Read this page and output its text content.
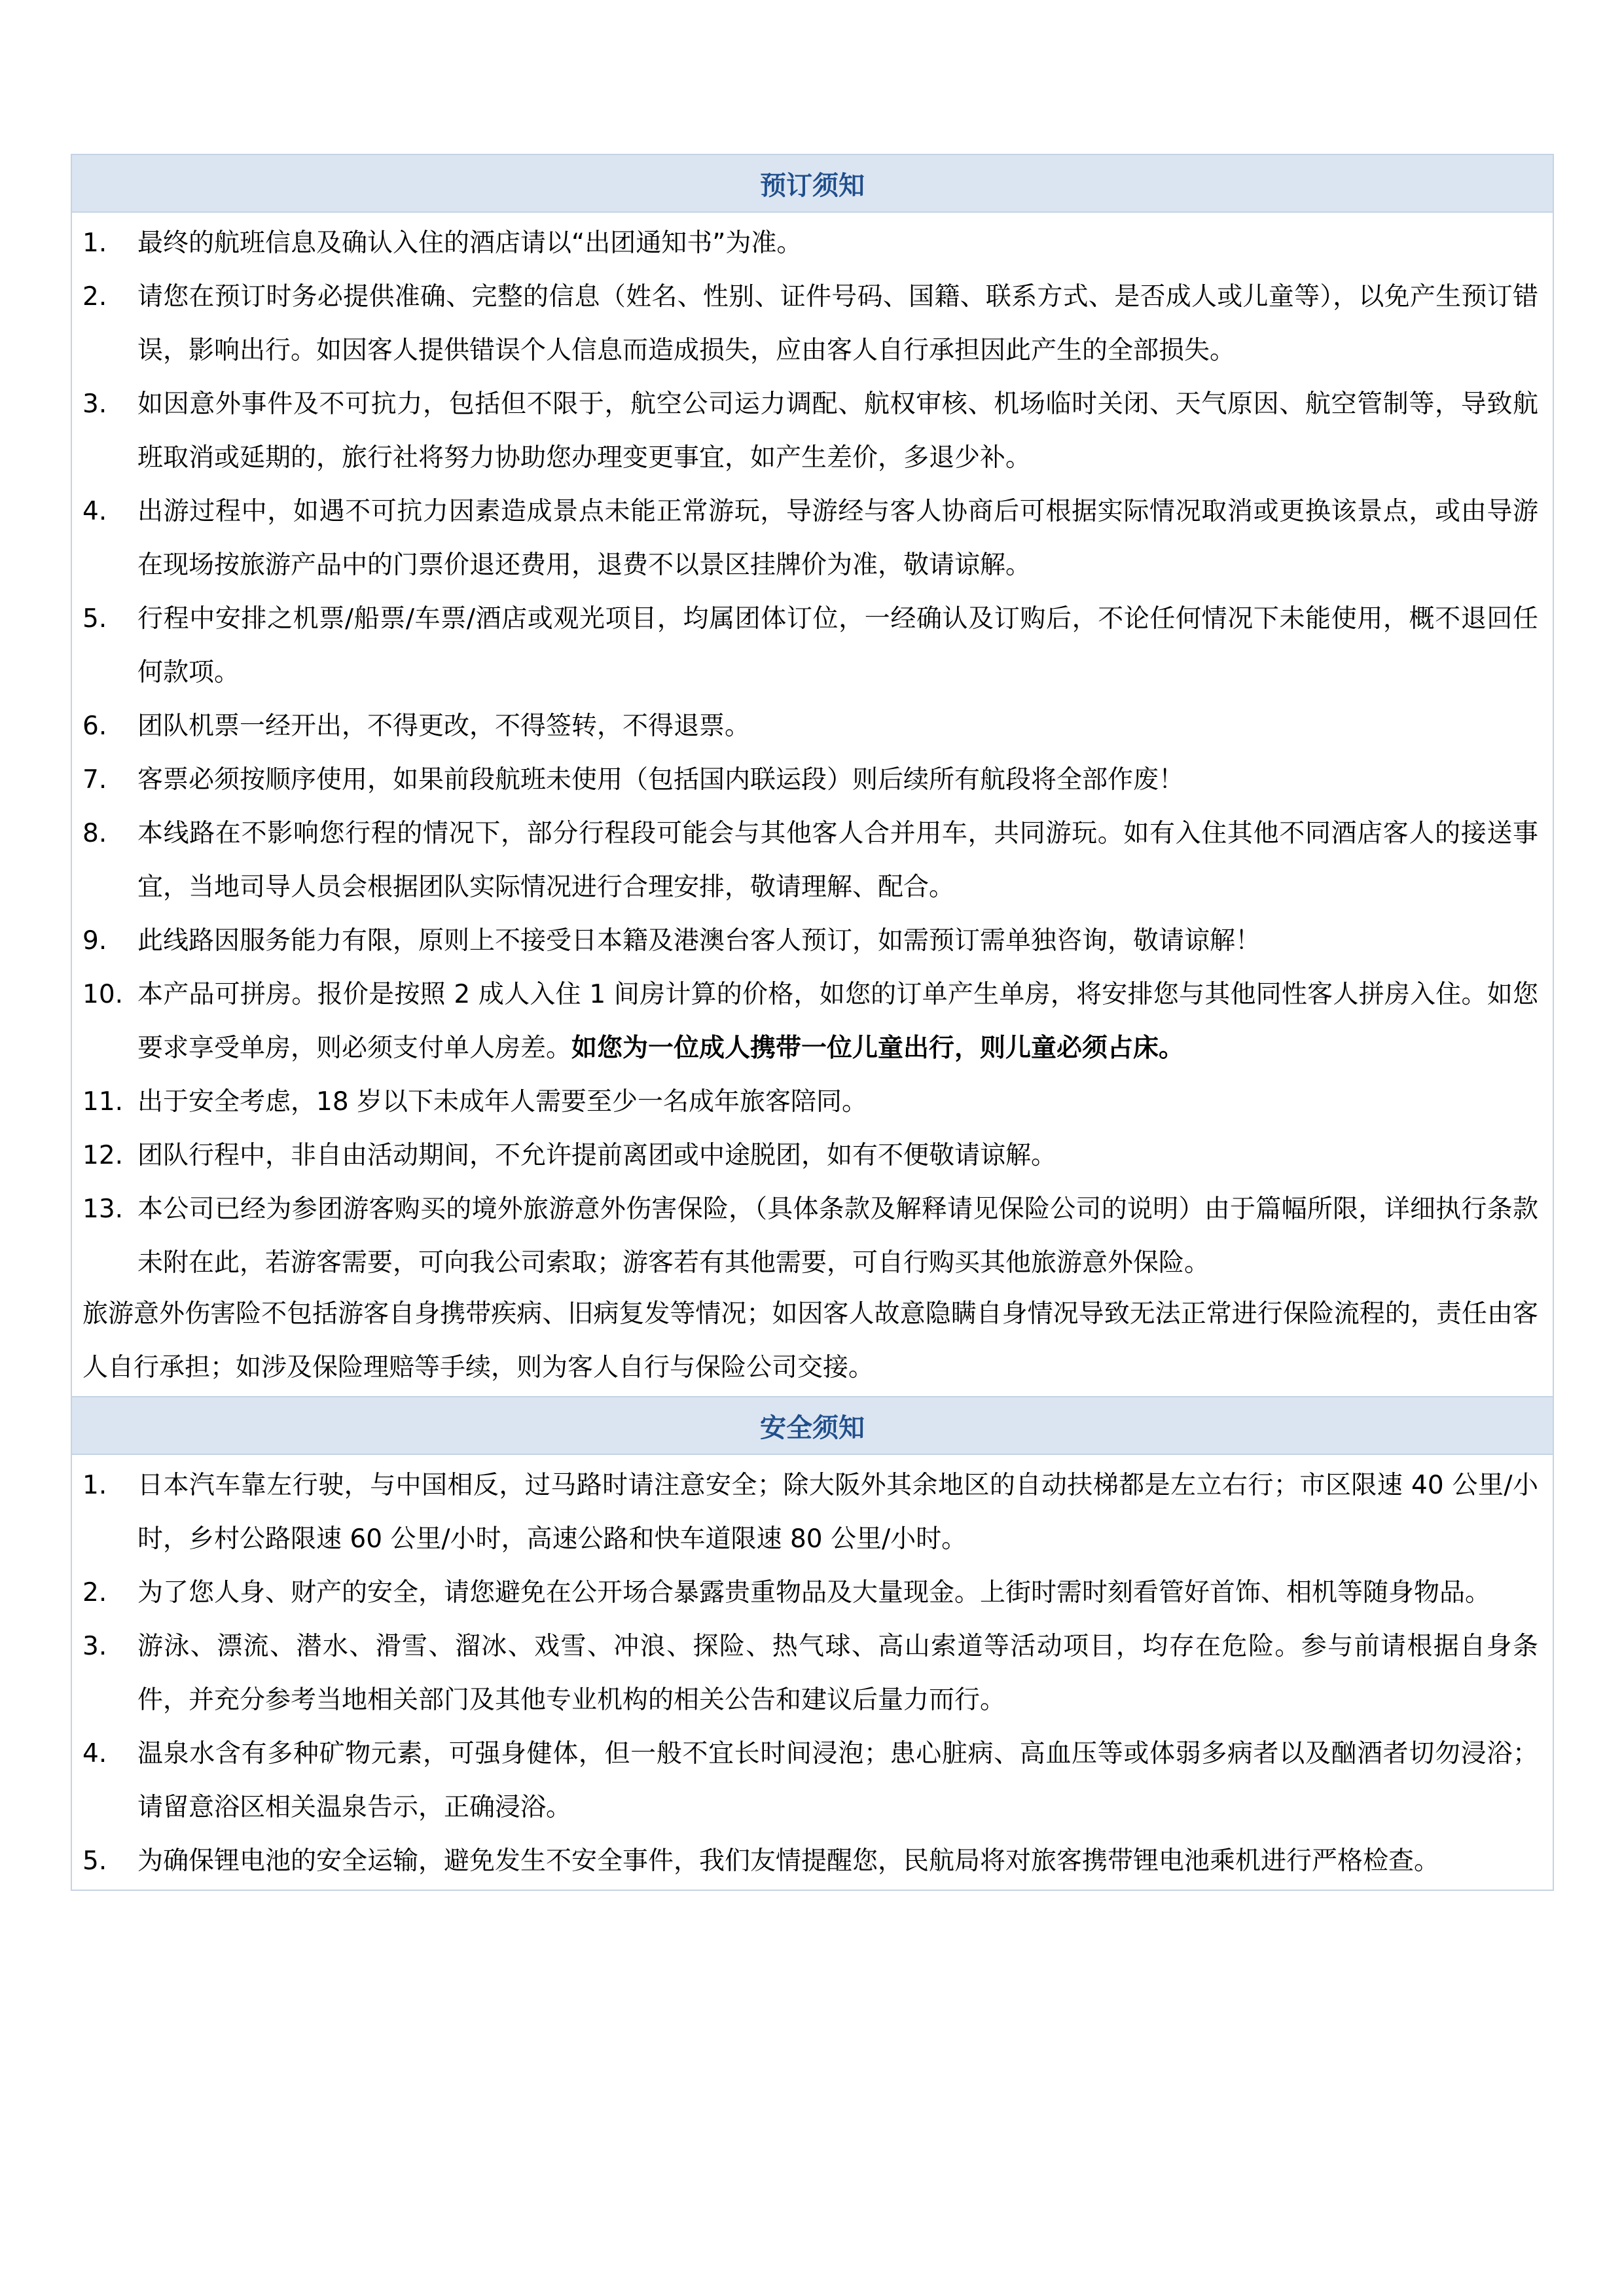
预订须知
1.	最终的航班信息及确认入住的酒店请以“出团通知书”为准。
2.	请您在预订时务必提供准确、完整的信息（姓名、性别、证件号码、国籍、联系方式、是否成人或儿童等），以免产生预订错误，影响出行。如因客人提供错误个人信息而造成损失，应由客人自行承担因此产生的全部损失。
3.	如因意外事件及不可抗力，包括但不限于，航空公司运力调配、航权审核、机场临时关闭、天气原因、航空管制等，导致航班取消或延期的，旅行社将努力协助您办理变更事宜，如产生差价，多退少补。
4.	出游过程中，如遇不可抗力因素造成景点未能正常游玩，导游经与客人协商后可根据实际情况取消或更换该景点，或由导游在现场按旅游产品中的门票价退还费用，退费不以景区挂牌价为准，敬请谅解。
5.	行程中安排之机票/船票/车票/酒店或观光项目，均属团体订位，一经确认及订购后，不论任何情况下未能使用，概不退回任何款项。
6.	团队机票一经开出，不得更改，不得签转，不得退票。
7.	客票必须按顺序使用，如果前段航班未使用（包括国内联运段）则后续所有航段将全部作废！
8.	本线路在不影响您行程的情况下，部分行程段可能会与其他客人合并用车，共同游玩。如有入住其他不同酒店客人的接送事宜，当地司导人员会根据团队实际情况进行合理安排，敬请理解、配合。
9.	此线路因服务能力有限，原则上不接受日本籍及港澳台客人预订，如需预订需单独咨询，敬请谅解！
10. 本产品可拼房。报价是按照 2 成人入住 1 间房计算的价格，如您的订单产生单房，将安排您与其他同性客人拼房入住。如您要求享受单房，则必须支付单人房差。如您为一位成人携带一位儿童出行，则儿童必须占床。
11. 出于安全考虑，18 岁以下未成年人需要至少一名成年旅客陪同。
12. 团队行程中，非自由活动期间，不允许提前离团或中途脱团，如有不便敬请谅解。
13. 本公司已经为参团游客购买的境外旅游意外伤害保险，（具体条款及解释请见保险公司的说明）由于篇幅所限，详细执行条款未附在此，若游客需要，可向我公司索取；游客若有其他需要，可自行购买其他旅游意外保险。
旅游意外伤害险不包括游客自身携带疾病、旧病复发等情况；如因客人故意隐瞒自身情况导致无法正常进行保险流程的，责任由客人自行承担；如涉及保险理赔等手续，则为客人自行与保险公司交接。
安全须知
1.	日本汽车靠左行驶，与中国相反，过马路时请注意安全；除大阪外其余地区的自动扶梯都是左立右行；市区限速 40 公里/小时，乡村公路限速 60 公里/小时，高速公路和快车道限速 80 公里/小时。
2.	为了您人身、财产的安全，请您避免在公开场合暴露贵重物品及大量现金。上街时需时刻看管好首饰、相机等随身物品。
3.	游泳、漂流、潜水、滑雪、溜冰、戏雪、冲浪、探险、热气球、高山索道等活动项目，均存在危险。参与前请根据自身条件，并充分参考当地相关部门及其他专业机构的相关公告和建议后量力而行。
4.	温泉水含有多种矿物元素，可强身健体，但一般不宜长时间浸泡；患心脏病、高血压等或体弱多病者以及酗酒者切勿浸浴；请留意浴区相关温泉告示，正确浸浴。
5.	为确保锂电池的安全运输，避免发生不安全事件，我们友情提醒您，民航局将对旅客携带锂电池乘机进行严格检查。
